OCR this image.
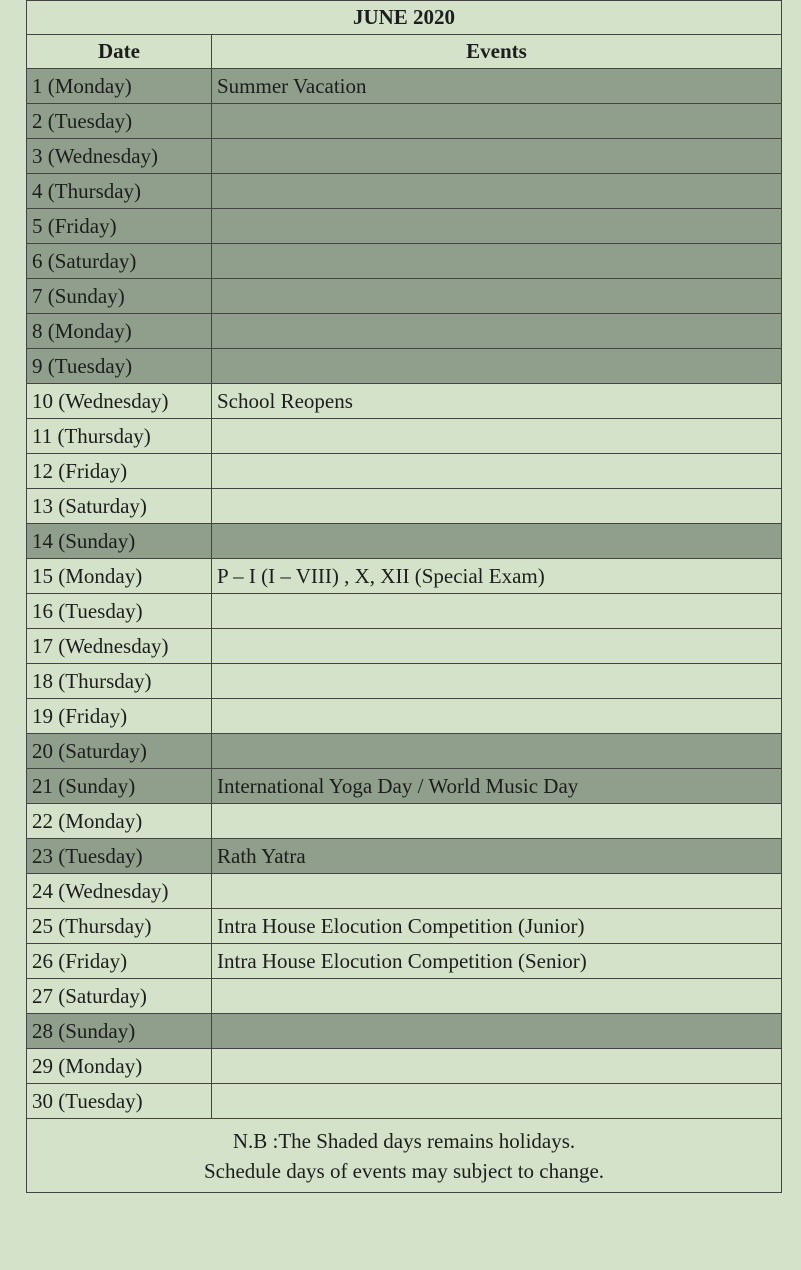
JUNE 2020	
Date	Events
1 (Monday)	Summer Vacation
2 (Tuesday)	
3 (Wednesday)	
4 (Thursday)	
5 (Friday)	
6 (Saturday)	
7 (Sunday)	
8 (Monday)	
9 (Tuesday)	
10 (Wednesday)	School Reopens
11 (Thursday)	
12 (Friday)	
13 (Saturday)	
14 (Sunday)	
15 (Monday)	P – I (I – VIII) , X, XII (Special Exam)
16 (Tuesday)	
17 (Wednesday)	
18 (Thursday)	
19 (Friday)	
20 (Saturday)	
21 (Sunday)	International Yoga Day / World Music Day
22 (Monday)	
23 (Tuesday)	Rath Yatra
24 (Wednesday)	
25 (Thursday)	Intra House Elocution Competition (Junior)
26 (Friday)	Intra House Elocution Competition (Senior)
27 (Saturday)	
28 (Sunday)	
29 (Monday)	
30 (Tuesday)	

N.B :The Shaded days remains holidays.
Schedule days of events may subject to change.	
